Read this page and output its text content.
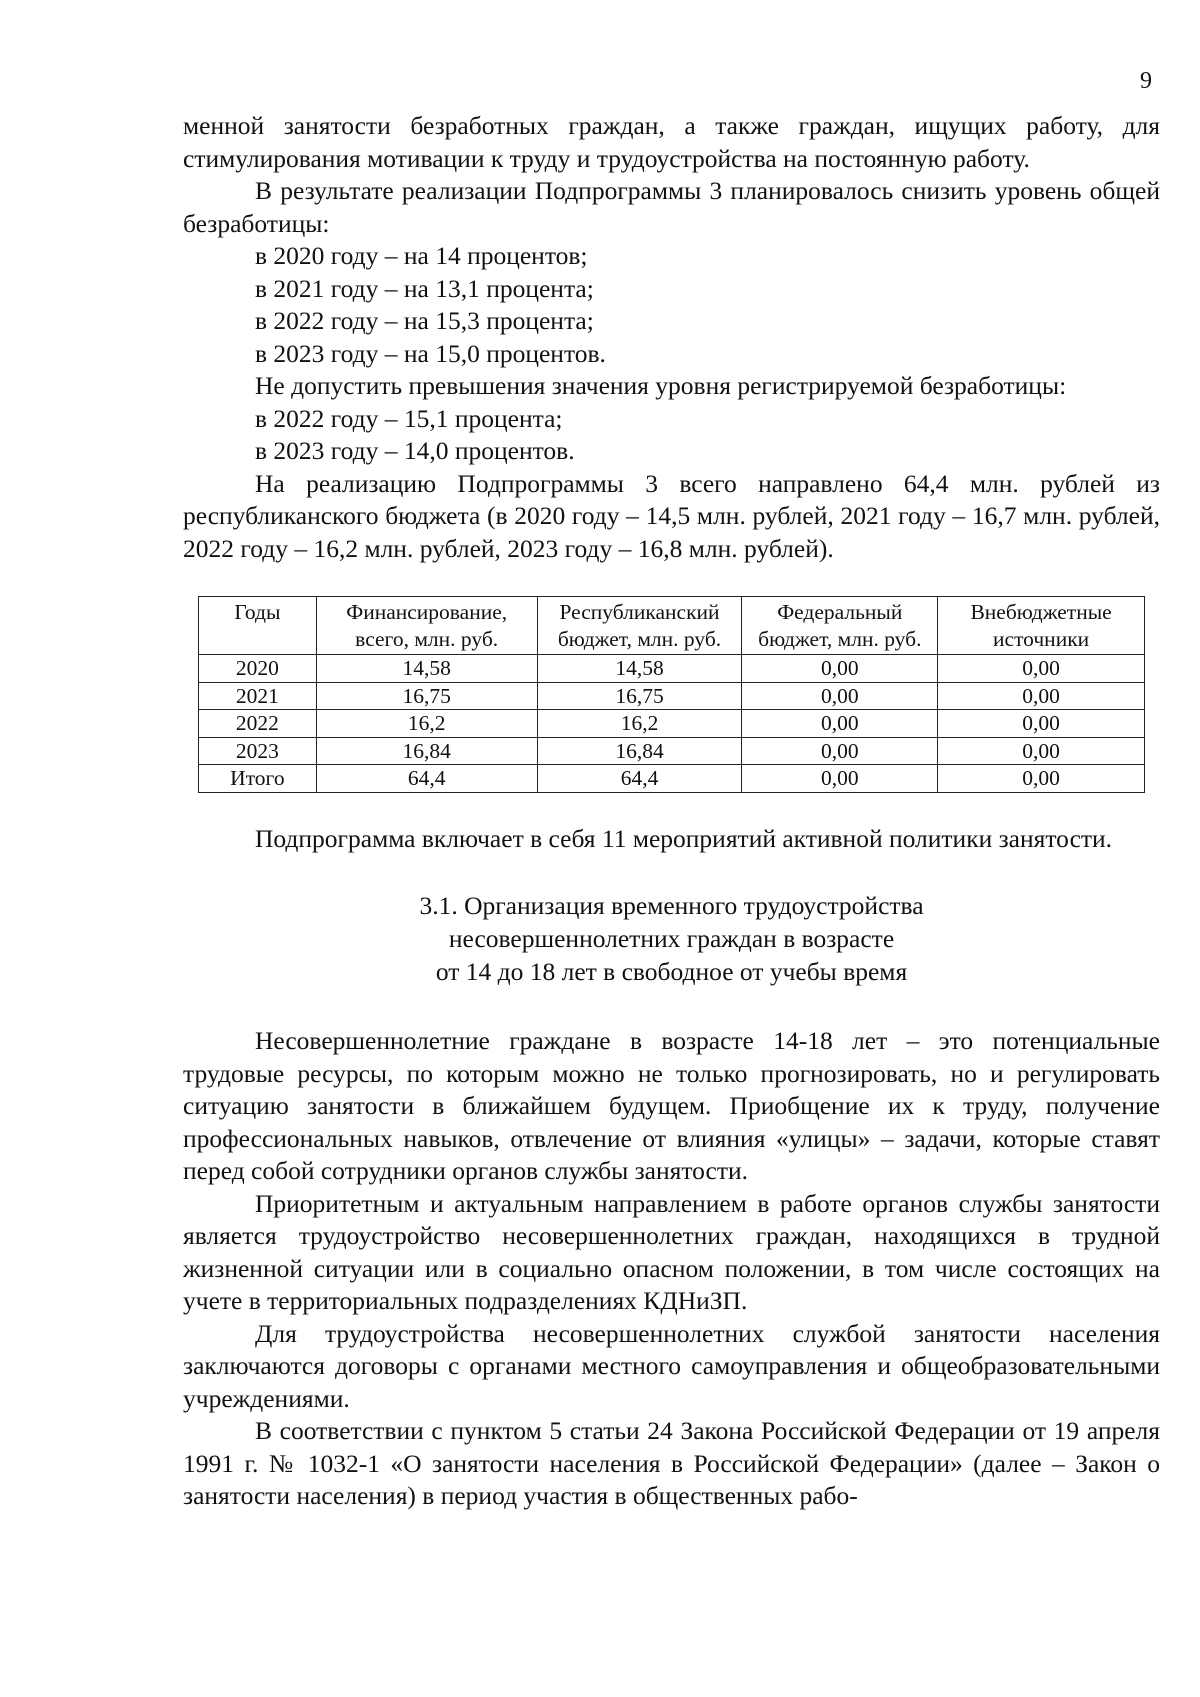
9

менной занятости безработных граждан, а также граждан, ищущих работу, для стимулирования мотивации к труду и трудоустройства на постоянную работу.

В результате реализации Подпрограммы 3 планировалось снизить уровень общей безработицы:

в 2020 году – на 14 процентов;

в 2021 году – на 13,1 процента;

в 2022 году – на 15,3 процента;

в 2023 году – на 15,0 процентов.

Не допустить превышения значения уровня регистрируемой безработицы:

в 2022 году – 15,1 процента;

в 2023 году – 14,0 процентов.

На реализацию Подпрограммы 3 всего направлено 64,4 млн. рублей из республиканского бюджета (в 2020 году – 14,5 млн. рублей, 2021 году – 16,7 млн. рублей, 2022 году – 16,2 млн. рублей, 2023 году – 16,8 млн. рублей).

Годы	Финансирование, всего, млн. руб.	Республиканский бюджет, млн. руб.	Федеральный бюджет, млн. руб.	Внебюджетные источники
2020	14,58	14,58	0,00	0,00
2021	16,75	16,75	0,00	0,00
2022	16,2	16,2	0,00	0,00
2023	16,84	16,84	0,00	0,00
Итого	64,4	64,4	0,00	0,00

Подпрограмма включает в себя 11 мероприятий активной политики занятости.

3.1. Организация временного трудоустройства
несовершеннолетних граждан в возрасте
от 14 до 18 лет в свободное от учебы время

Несовершеннолетние граждане в возрасте 14-18 лет – это потенциальные трудовые ресурсы, по которым можно не только прогнозировать, но и регулировать ситуацию занятости в ближайшем будущем. Приобщение их к труду, получение профессиональных навыков, отвлечение от влияния «улицы» – задачи, которые ставят перед собой сотрудники органов службы занятости.

Приоритетным и актуальным направлением в работе органов службы занятости является трудоустройство несовершеннолетних граждан, находящихся в трудной жизненной ситуации или в социально опасном положении, в том числе состоящих на учете в территориальных подразделениях КДНиЗП.

Для трудоустройства несовершеннолетних службой занятости населения заключаются договоры с органами местного самоуправления и общеобразовательными учреждениями.

В соответствии с пунктом 5 статьи 24 Закона Российской Федерации от 19 апреля 1991 г. № 1032-1 «О занятости населения в Российской Федерации» (далее – Закон о занятости населения) в период участия в общественных рабо-
